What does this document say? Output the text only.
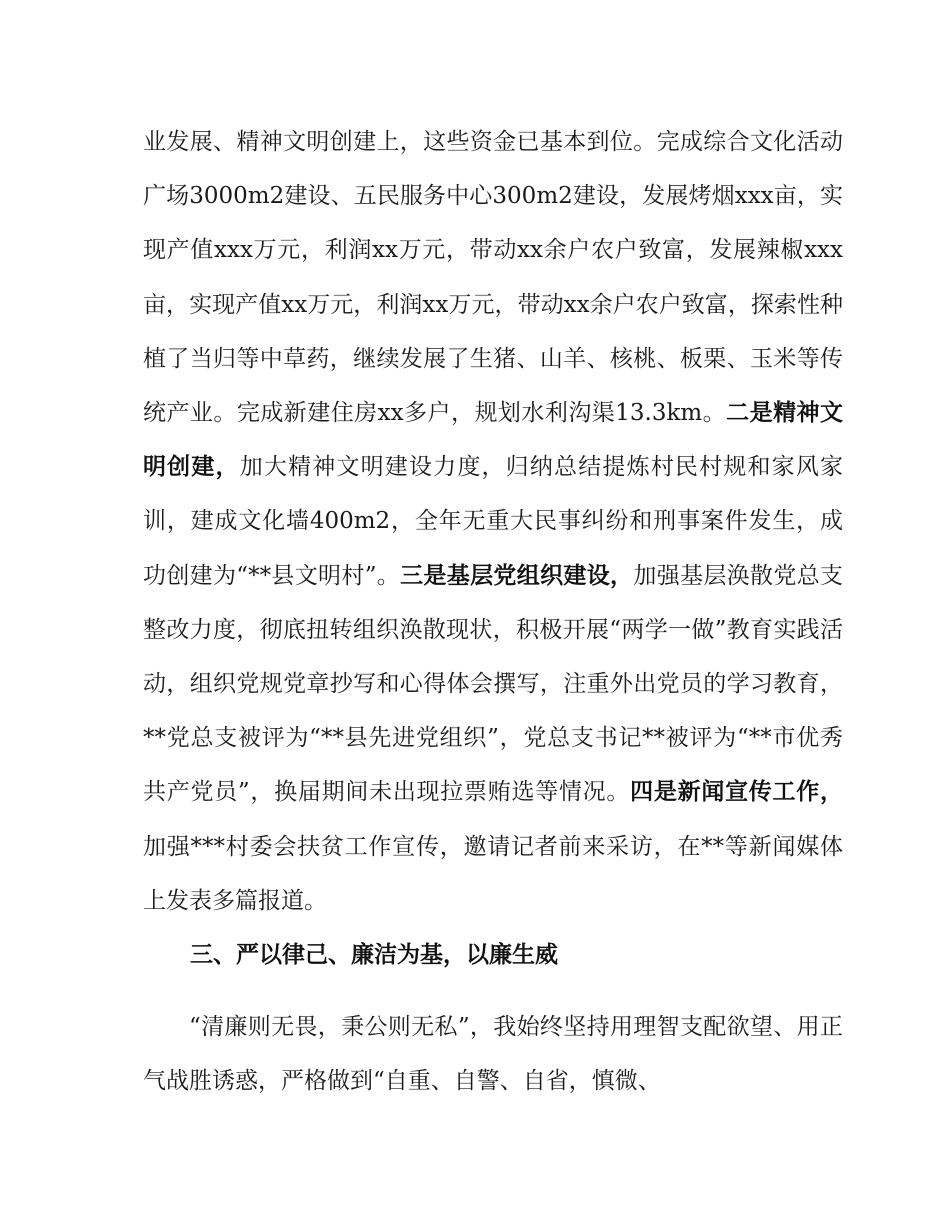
业发展、精神文明创建上，这些资金已基本到位。完成综合文化活动广场3000m2建设、五民服务中心300m2建设，发展烤烟xxx亩，实现产值xxx万元，利润xx万元，带动xx余户农户致富，发展辣椒xxx亩，实现产值xx万元，利润xx万元，带动xx余户农户致富，探索性种植了当归等中草药，继续发展了生猪、山羊、核桃、板栗、玉米等传统产业。完成新建住房xx多户，规划水利沟渠13.3km。二是精神文明创建，加大精神文明建设力度，归纳总结提炼村民村规和家风家训，建成文化墙400m2，全年无重大民事纠纷和刑事案件发生，成功创建为“**县文明村”。三是基层党组织建设，加强基层涣散党总支整改力度，彻底扭转组织涣散现状，积极开展“两学一做”教育实践活动，组织党规党章抄写和心得体会撰写，注重外出党员的学习教育，**党总支被评为“**县先进党组织”，党总支书记**被评为“**市优秀共产党员”，换届期间未出现拉票贿选等情况。四是新闻宣传工作，加强***村委会扶贫工作宣传，邀请记者前来采访，在**等新闻媒体上发表多篇报道。

三、严以律己、廉洁为基，以廉生威

“清廉则无畏，秉公则无私”，我始终坚持用理智支配欲望、用正气战胜诱惑，严格做到“自重、自警、自省，慎微、
